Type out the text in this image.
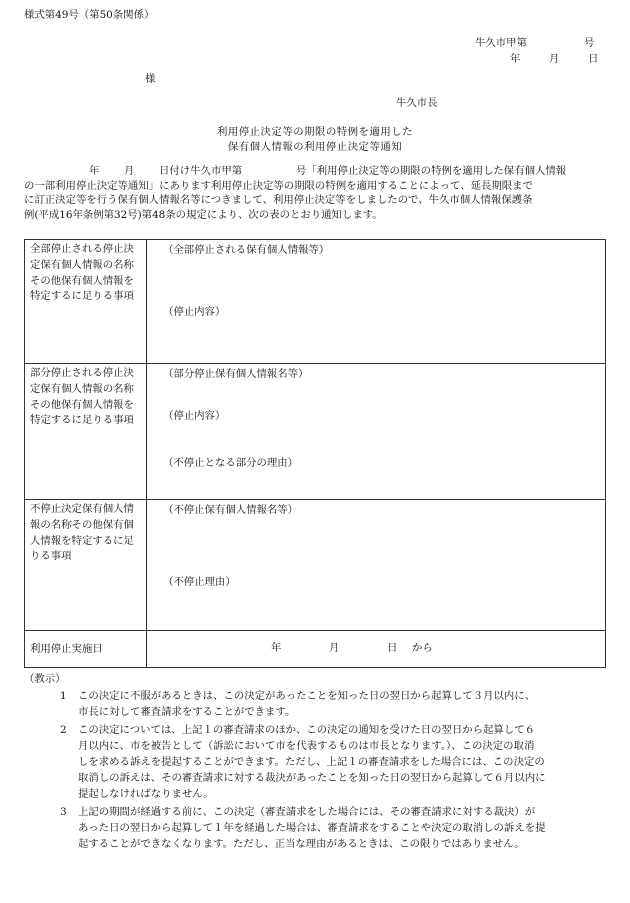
様式第49号（第50条関係）
牛久市甲第	号
年	月	日
様
牛久市長
利用停止決定等の期限の特例を適用した
保有個人情報の利用停止決定等通知
年 月 日付け牛久市甲第	号「利用停止決定等の期限の特例を適用した保有個人情報
の一部利用停止決定等通知」にあります利用停止決定等の期限の特例を適用することによって、延長期限まで
に訂正決定等を行う保有個人情報名等につきまして、利用停止決定等をしましたので、牛久市個人情報保護条
例(平成16年条例第32号)第48条の規定により、次の表のとおり通知します。
全部停止される停止決定保有個人情報の名称その他保有個人情報を特定するに足りる事項	（全部停止される保有個人情報等）
（停止内容）

部分停止される停止決定保有個人情報の名称その他保有個人情報を特定するに足りる事項	（部分停止保有個人情報名等）
（停止内容）
（不停止となる部分の理由）

不停止決定保有個人情報の名称その他保有個人情報を特定するに足りる事項	（不停止保有個人情報名等）
（不停止理由）

利用停止実施日	年 月 日 から
（教示）
1 この決定に不服があるときは、この決定があったことを知った日の翌日から起算して３月以内に、
市長に対して審査請求をすることができます。
2 この決定については、上記１の審査請求のほか、この決定の通知を受けた日の翌日から起算して６
月以内に、市を被告として（訴訟において市を代表するものは市長となります。）、この決定の取消
しを求める訴えを提起することができます。ただし、上記１の審査請求をした場合には、この決定の
取消しの訴えは、その審査請求に対する裁決があったことを知った日の翌日から起算して６月以内に
提起しなければなりません。
3 上記の期間が経過する前に、この決定（審査請求をした場合には、その審査請求に対する裁決）が
あった日の翌日から起算して１年を経過した場合は、審査請求をすることや決定の取消しの訴えを提
起することができなくなります。ただし、正当な理由があるときは、この限りではありません。
